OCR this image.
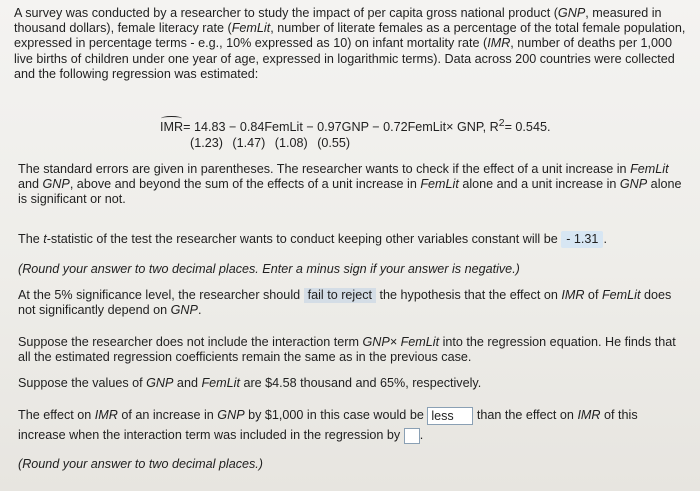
A survey was conducted by a researcher to study the impact of per capita gross national product (GNP, measured in thousand dollars), female literacy rate (FemLit, number of literate females as a percentage of the total female population, expressed in percentage terms - e.g., 10% expressed as 10) on infant mortality rate (IMR, number of deaths per 1,000 live births of children under one year of age, expressed in logarithmic terms). Data across 200 countries were collected and the following regression was estimated:

IMR= 14.83 − 0.84FemLit − 0.97GNP − 0.72FemLit× GNP, $R^2= 0.545$.
(1.23) (1.47) (1.08) (0.55)

The standard errors are given in parentheses. The researcher wants to check if the effect of a unit increase in FemLit and GNP, above and beyond the sum of the effects of a unit increase in FemLit alone and a unit increase in GNP alone is significant or not.

The t-statistic of the test the researcher wants to conduct keeping other variables constant will be - 1.31 .

(Round your answer to two decimal places. Enter a minus sign if your answer is negative.)

At the 5% significance level, the researcher should fail to reject the hypothesis that the effect on IMR of FemLit does not significantly depend on GNP.

Suppose the researcher does not include the interaction term GNP× FemLit into the regression equation. He finds that all the estimated regression coefficients remain the same as in the previous case.

Suppose the values of GNP and FemLit are $4.58 thousand and 65%, respectively.

The effect on IMR of an increase in GNP by $1,000 in this case would be less than the effect on IMR of this increase when the interaction term was included in the regression by .

(Round your answer to two decimal places.)
